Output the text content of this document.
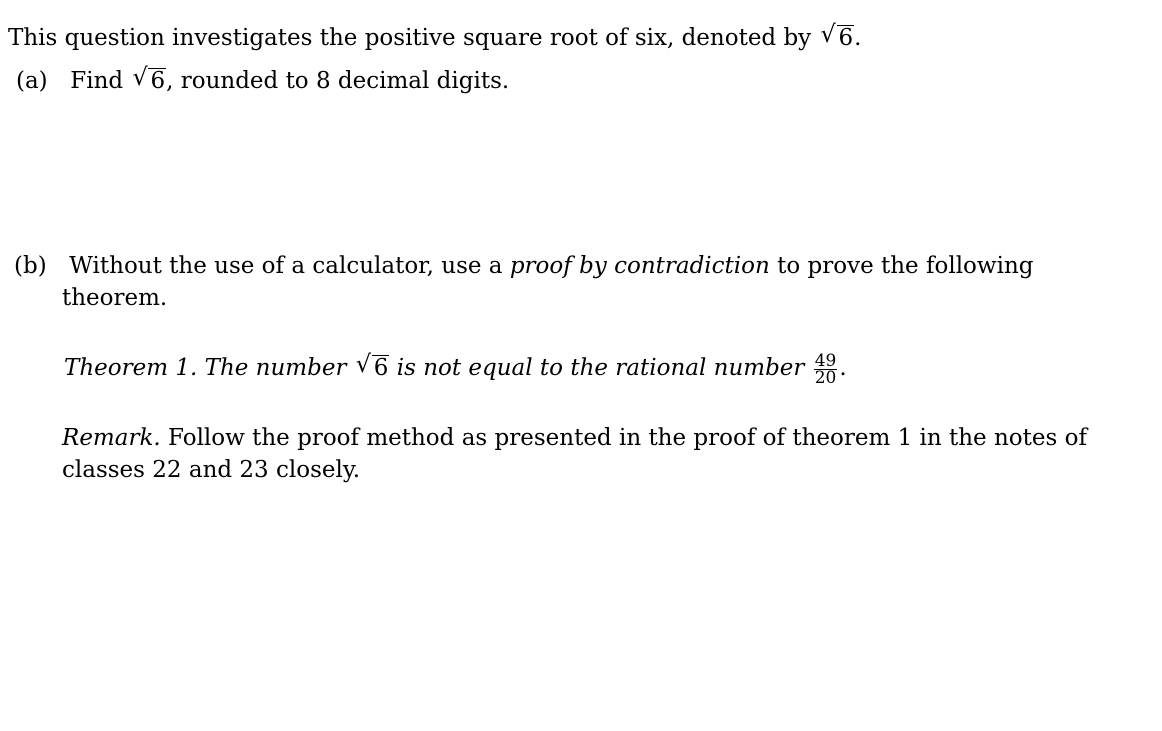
This question investigates the positive square root of six, denoted by √ 6.
(a) Find √ 6, rounded to 8 decimal digits.
(b) Without the use of a calculator, use a proof by contradiction to prove the following
theorem.
Theorem 1. The number √ 6 is not equal to the rational number $\frac{49}{20}$ .
Remark. Follow the proof method as presented in the proof of theorem 1 in the notes of
classes 22 and 23 closely.
